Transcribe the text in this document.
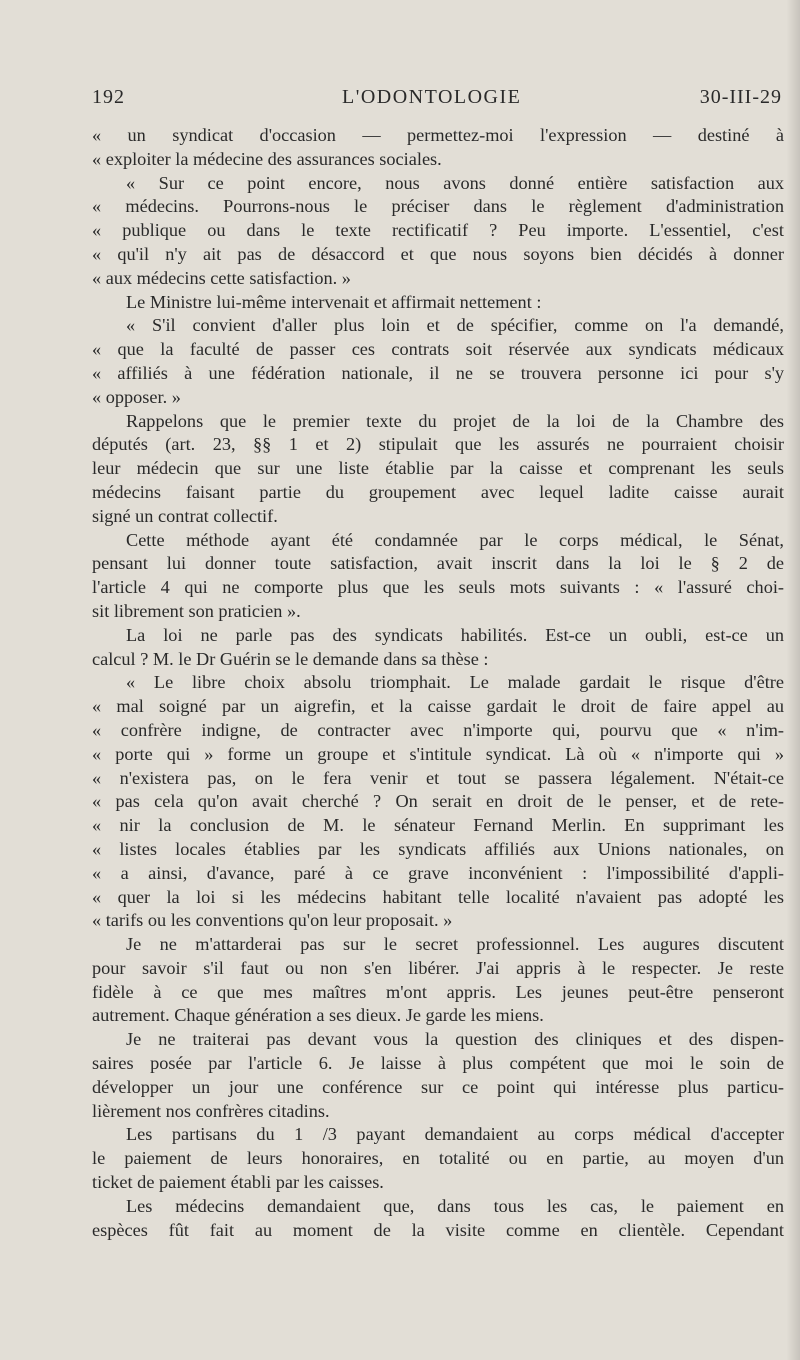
192	L'ODONTOLOGIE	30-III-29
« un syndicat d'occasion — permettez-moi l'expression — destiné à
« exploiter la médecine des assurances sociales.
« Sur ce point encore, nous avons donné entière satisfaction aux
« médecins. Pourrons-nous le préciser dans le règlement d'administration
« publique ou dans le texte rectificatif ? Peu importe. L'essentiel, c'est
« qu'il n'y ait pas de désaccord et que nous soyons bien décidés à donner
« aux médecins cette satisfaction. »
Le Ministre lui-même intervenait et affirmait nettement :
« S'il convient d'aller plus loin et de spécifier, comme on l'a demandé,
« que la faculté de passer ces contrats soit réservée aux syndicats médicaux
« affiliés à une fédération nationale, il ne se trouvera personne ici pour s'y
« opposer. »
Rappelons que le premier texte du projet de la loi de la Chambre des
députés (art. 23, §§ 1 et 2) stipulait que les assurés ne pourraient choisir
leur médecin que sur une liste établie par la caisse et comprenant les seuls
médecins faisant partie du groupement avec lequel ladite caisse aurait
signé un contrat collectif.
Cette méthode ayant été condamnée par le corps médical, le Sénat,
pensant lui donner toute satisfaction, avait inscrit dans la loi le § 2 de
l'article 4 qui ne comporte plus que les seuls mots suivants : « l'assuré choi-
sit librement son praticien ».
La loi ne parle pas des syndicats habilités. Est-ce un oubli, est-ce un
calcul ? M. le Dr Guérin se le demande dans sa thèse :
« Le libre choix absolu triomphait. Le malade gardait le risque d'être
« mal soigné par un aigrefin, et la caisse gardait le droit de faire appel au
« confrère indigne, de contracter avec n'importe qui, pourvu que « n'im-
« porte qui » forme un groupe et s'intitule syndicat. Là où « n'importe qui »
« n'existera pas, on le fera venir et tout se passera légalement. N'était-ce
« pas cela qu'on avait cherché ? On serait en droit de le penser, et de rete-
« nir la conclusion de M. le sénateur Fernand Merlin. En supprimant les
« listes locales établies par les syndicats affiliés aux Unions nationales, on
« a ainsi, d'avance, paré à ce grave inconvénient : l'impossibilité d'appli-
« quer la loi si les médecins habitant telle localité n'avaient pas adopté les
« tarifs ou les conventions qu'on leur proposait. »
Je ne m'attarderai pas sur le secret professionnel. Les augures discutent
pour savoir s'il faut ou non s'en libérer. J'ai appris à le respecter. Je reste
fidèle à ce que mes maîtres m'ont appris. Les jeunes peut-être penseront
autrement. Chaque génération a ses dieux. Je garde les miens.
Je ne traiterai pas devant vous la question des cliniques et des dispen-
saires posée par l'article 6. Je laisse à plus compétent que moi le soin de
développer un jour une conférence sur ce point qui intéresse plus particu-
lièrement nos confrères citadins.
Les partisans du 1 /3 payant demandaient au corps médical d'accepter
le paiement de leurs honoraires, en totalité ou en partie, au moyen d'un
ticket de paiement établi par les caisses.
Les médecins demandaient que, dans tous les cas, le paiement en
espèces fût fait au moment de la visite comme en clientèle. Cependant
